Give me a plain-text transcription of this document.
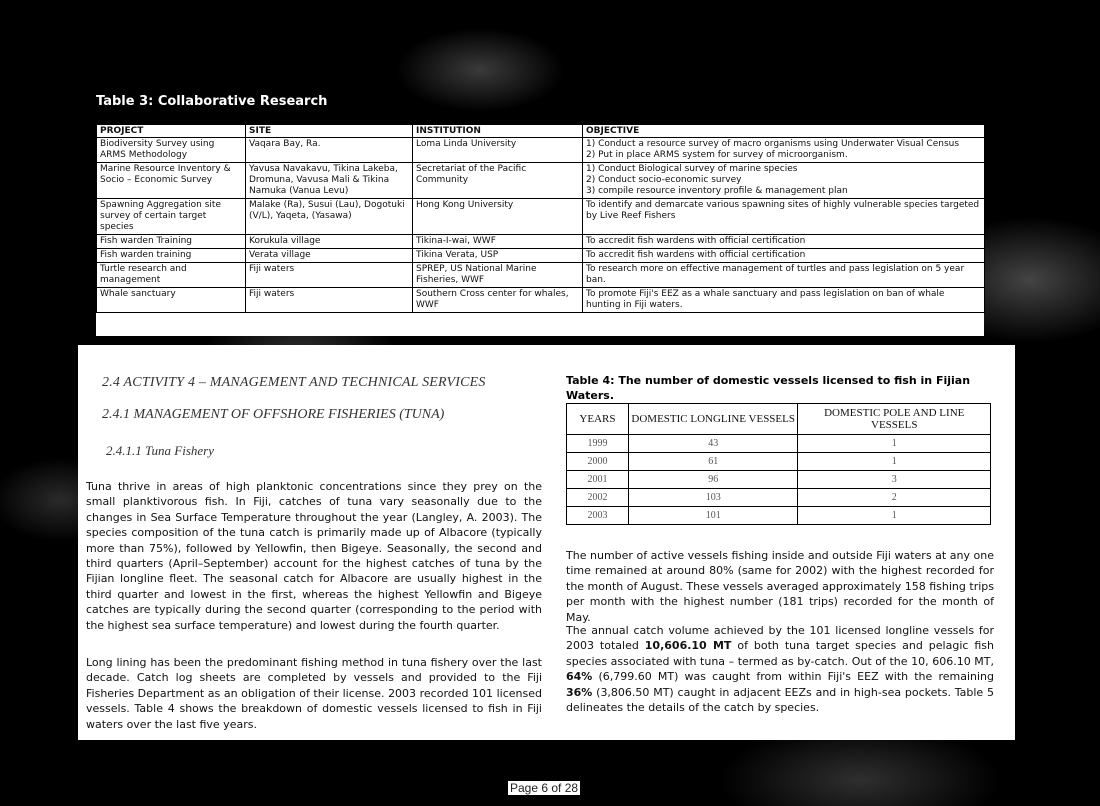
Table 3: Collaborative Research
PROJECT	SITE	INSTITUTION	OBJECTIVE
Biodiversity Survey using ARMS Methodology	Vaqara Bay, Ra.	Loma Linda University	1) Conduct a resource survey of macro organisms using Underwater Visual Census
2) Put in place ARMS system for survey of microorganism.
Marine Resource Inventory & Socio – Economic Survey	Yavusa Navakavu, Tikina Lakeba, Dromuna, Vavusa Mali & Tikina Namuka (Vanua Levu)	Secretariat of the Pacific Community	1) Conduct Biological survey of marine species
2) Conduct socio-economic survey
3) compile resource inventory profile & management plan
Spawning Aggregation site survey of certain target species	Malake (Ra), Susui (Lau), Dogotuki (V/L), Yaqeta, (Yasawa)	Hong Kong University	To identify and demarcate various spawning sites of highly vulnerable species targeted by Live Reef Fishers
Fish warden Training	Korukula village	Tikina-I-wai, WWF	To accredit fish wardens with official certification
Fish warden training	Verata village	Tikina Verata, USP	To accredit fish wardens with official certification
Turtle research and management	Fiji waters	SPREP, US National Marine Fisheries, WWF	To research more on effective management of turtles and pass legislation on 5 year ban.
Whale sanctuary	Fiji waters	Southern Cross center for whales, WWF	To promote Fiji's EEZ as a whale sanctuary and pass legislation on ban of whale hunting in Fiji waters.
2.4 ACTIVITY 4 – MANAGEMENT AND TECHNICAL SERVICES
2.4.1 MANAGEMENT OF OFFSHORE FISHERIES (TUNA)
2.4.1.1 Tuna Fishery
Tuna thrive in areas of high planktonic concentrations since they prey on the small planktivorous fish. In Fiji, catches of tuna vary seasonally due to the changes in Sea Surface Temperature throughout the year (Langley, A. 2003). The species composition of the tuna catch is primarily made up of Albacore (typically more than 75%), followed by Yellowfin, then Bigeye. Seasonally, the second and third quarters (April–September) account for the highest catches of tuna by the Fijian longline fleet. The seasonal catch for Albacore are usually highest in the third quarter and lowest in the first, whereas the highest Yellowfin and Bigeye catches are typically during the second quarter (corresponding to the period with the highest sea surface temperature) and lowest during the fourth quarter.
Long lining has been the predominant fishing method in tuna fishery over the last decade. Catch log sheets are completed by vessels and provided to the Fiji Fisheries Department as an obligation of their license. 2003 recorded 101 licensed vessels. Table 4 shows the breakdown of domestic vessels licensed to fish in Fiji waters over the last five years.
Table 4: The number of domestic vessels licensed to fish in Fijian Waters.
YEARS	DOMESTIC LONGLINE VESSELS	DOMESTIC POLE AND LINE VESSELS
1999	43	1
2000	61	1
2001	96	3
2002	103	2
2003	101	1
The number of active vessels fishing inside and outside Fiji waters at any one time remained at around 80% (same for 2002) with the highest recorded for the month of August. These vessels averaged approximately 158 fishing trips per month with the highest number (181 trips) recorded for the month of May.
The annual catch volume achieved by the 101 licensed longline vessels for 2003 totaled 10,606.10 MT of both tuna target species and pelagic fish species associated with tuna – termed as by-catch. Out of the 10, 606.10 MT, 64% (6,799.60 MT) was caught from within Fiji's EEZ with the remaining 36% (3,806.50 MT) caught in adjacent EEZs and in high-sea pockets. Table 5 delineates the details of the catch by species.
Page 6 of 28
